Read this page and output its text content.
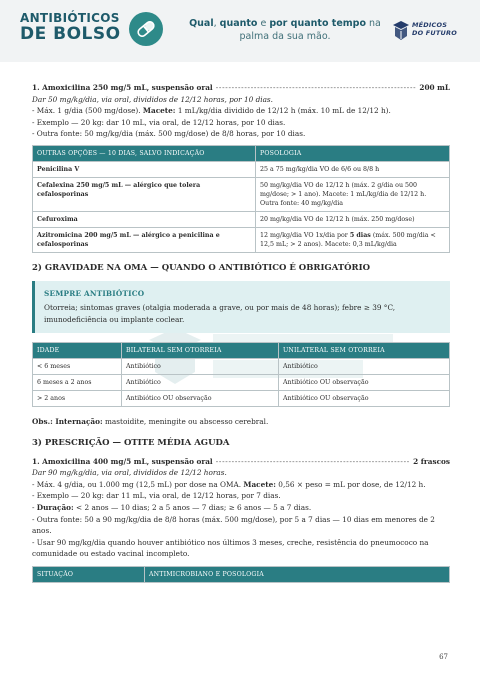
ANTIBIÓTICOS
DE BOLSO
Qual, quanto e por quanto tempo na
palma da sua mão.
MÉDICOS
DO FUTURO
1. Amoxicilina 250 mg/5 mL, suspensão oral - - -	200 mL

Dar 50 mg/kg/dia, via oral, divididos de 12/12 horas, por 10 dias.

- Máx. 1 g/dia (500 mg/dose). Macete: 1 mL/kg/dia dividido de 12/12 h (máx. 10 mL de 12/12 h).

- Exemplo — 20 kg: dar 10 mL, via oral, de 12/12 horas, por 10 dias.

- Outra fonte: 50 mg/kg/dia (máx. 500 mg/dose) de 8/8 horas, por 10 dias.

OUTRAS OPÇÕES — 10 DIAS, SALVO INDICAÇÃO	POSOLOGIA
Penicilina V	25 a 75 mg/kg/dia VO de 6/6 ou 8/8 h
Cefalexina 250 mg/5 mL — alérgico que tolera cefalosporinas	50 mg/kg/dia VO de 12/12 h (máx. 2 g/dia ou 500 mg/dose; > 1 ano). Macete: 1 mL/kg/dia de 12/12 h. Outra fonte: 40 mg/kg/dia
Cefuroxima	20 mg/kg/dia VO de 12/12 h (máx. 250 mg/dose)
Azitromicina 200 mg/5 mL — alérgico a penicilina e cefalosporinas	12 mg/kg/dia VO 1x/dia por 5 dias (máx. 500 mg/dia < 12,5 mL; > 2 anos). Macete: 0,3 mL/kg/dia
2) GRAVIDADE NA OMA — QUANDO O ANTIBIÓTICO É OBRIGATÓRIO
SEMPRE ANTIBIÓTICO
Otorreia; sintomas graves (otalgia moderada a grave, ou por mais de 48 horas); febre ≥ 39 °C, imunodeficiência ou implante coclear.
IDADE	BILATERAL SEM OTORREIA	UNILATERAL SEM OTORREIA
< 6 meses	Antibiótico	Antibiótico
6 meses a 2 anos	Antibiótico	Antibiótico OU observação
> 2 anos	Antibiótico OU observação	Antibiótico OU observação

Obs.: Internação: mastoidite, meningite ou abscesso cerebral.

3) PRESCRIÇÃO — OTITE MÉDIA AGUDA
1. Amoxicilina 400 mg/5 mL, suspensão oral - - -	2 frascos

Dar 90 mg/kg/dia, via oral, divididos de 12/12 horas.

- Máx. 4 g/dia, ou 1.000 mg (12,5 mL) por dose na OMA. Macete: 0,56 × peso = mL por dose, de 12/12 h.

- Exemplo — 20 kg: dar 11 mL, via oral, de 12/12 horas, por 7 dias.

- Duração: < 2 anos — 10 dias; 2 a 5 anos — 7 dias; ≥ 6 anos — 5 a 7 dias.

- Outra fonte: 50 a 90 mg/kg/dia de 8/8 horas (máx. 500 mg/dose), por 5 a 7 dias — 10 dias em menores de 2 anos.

- Usar 90 mg/kg/dia quando houver antibiótico nos últimos 3 meses, creche, resistência do pneumococo na comunidade ou estado vacinal incompleto.

SITUAÇÃO	ANTIMICROBIANO E POSOLOGIA
67
